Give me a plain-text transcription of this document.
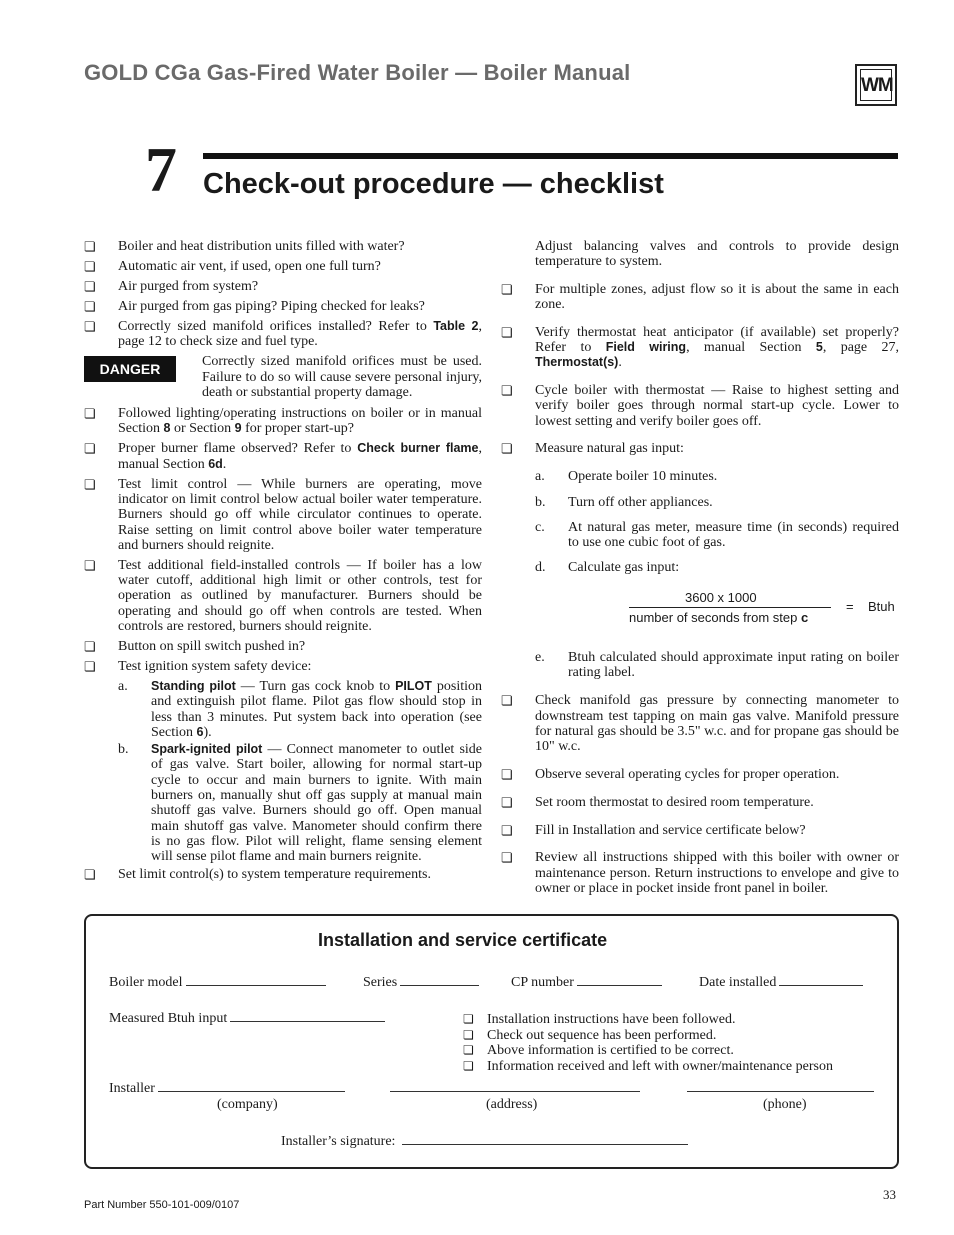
GOLD CGa Gas-Fired Water Boiler — Boiler Manual
WM
7 Check-out procedure — checklist
❏	Boiler and heat distribution units filled with water?
❏	Automatic air vent, if used, open one full turn?
❏	Air purged from system?
❏	Air purged from gas piping? Piping checked for leaks?
❏	Correctly sized manifold orifices installed? Refer to Table 2, page 12 to check size and fuel type.
DANGER	Correctly sized manifold orifices must be used. Failure to do so will cause severe personal injury, death or substantial property damage.
❏	Followed lighting/operating instructions on boiler or in manual Section 8 or Section 9 for proper start-up?
❏	Proper burner flame observed? Refer to Check burner flame, manual Section 6d.
❏	Test limit control — While burners are operating, move indicator on limit control below actual boiler water temperature. Burners should go off while circulator continues to operate. Raise setting on limit control above boiler water temperature and burners should reignite.
❏	Test additional field-installed controls — If boiler has a low water cutoff, additional high limit or other controls, test for operation as outlined by manufacturer. Burners should be operating and should go off when controls are tested. When controls are restored, burners should reignite.
❏	Button on spill switch pushed in?
❏	Test ignition system safety device:
a.	Standing pilot — Turn gas cock knob to PILOT position and extinguish pilot flame. Pilot gas flow should stop in less than 3 minutes. Put system back into operation (see Section 6).
b.	Spark-ignited pilot — Connect manometer to outlet side of gas valve. Start boiler, allowing for normal start-up cycle to occur and main burners to ignite. With main burners on, manually shut off gas supply at manual main shutoff gas valve. Burners should go off. Open manual main shutoff gas valve. Manometer should confirm there is no gas flow. Pilot will relight, flame sensing element will sense pilot flame and main burners reignite.
❏	Set limit control(s) to system temperature requirements.
Adjust balancing valves and controls to provide design temperature to system.
❏	For multiple zones, adjust flow so it is about the same in each zone.
❏	Verify thermostat heat anticipator (if available) set properly? Refer to Field wiring, manual Section 5, page 27, Thermostat(s).
❏	Cycle boiler with thermostat — Raise to highest setting and verify boiler goes through normal start-up cycle. Lower to lowest setting and verify boiler goes off.
❏	Measure natural gas input:
a.	Operate boiler 10 minutes.
b.	Turn off other appliances.
c.	At natural gas meter, measure time (in seconds) required to use one cubic foot of gas.
d.	Calculate gas input:
3600 x 1000
number of seconds from step c
= Btuh
e.	Btuh calculated should approximate input rating on boiler rating label.
❏	Check manifold gas pressure by connecting manometer to downstream test tapping on main gas valve. Manifold pressure for natural gas should be 3.5" w.c. and for propane gas should be 10" w.c.
❏	Observe several operating cycles for proper operation.
❏	Set room thermostat to desired room temperature.
❏	Fill in Installation and service certificate below?
❏	Review all instructions shipped with this boiler with owner or maintenance person. Return instructions to envelope and give to owner or place in pocket inside front panel in boiler.
Installation and service certificate
Boiler model	Series	CP number	Date installed
Measured Btuh input	❏ Installation instructions have been followed.
❏ Check out sequence has been performed.
❏ Above information is certified to be correct.
❏ Information received and left with owner/maintenance person
Installer
(company)	(address)	(phone)
Installer’s signature:
Part Number 550-101-009/0107
33
